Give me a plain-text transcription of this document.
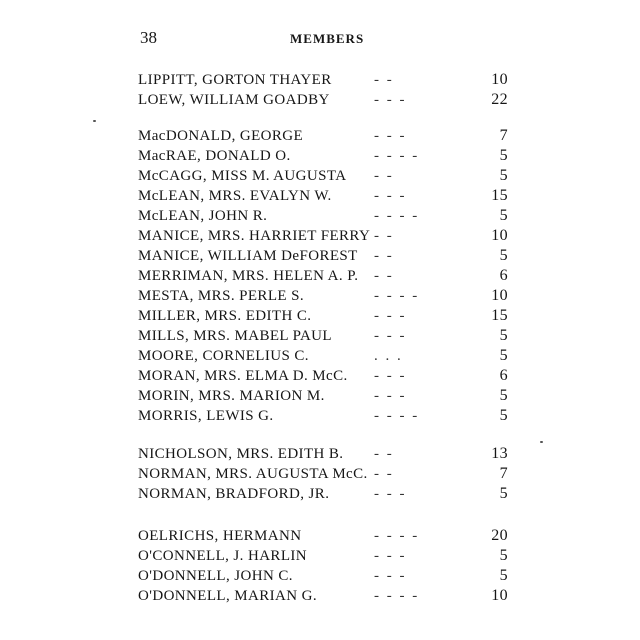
38	MEMBERS
LIPPITT, GORTON THAYER	- -	10
LOEW, WILLIAM GOADBY	- - -	22
MacDONALD, GEORGE	- - -	7
MacRAE, DONALD O.	- - - -	5
McCAGG, MISS M. AUGUSTA - -	5
McLEAN, MRS. EVALYN W.	- - -	15
McLEAN, JOHN R.	- - - -	5
MANICE, MRS. HARRIET FERRY - -	10
MANICE, WILLIAM DeFOREST - -	5
MERRIMAN, MRS. HELEN A. P. - -	6
MESTA, MRS. PERLE S.	- - - -	10
MILLER, MRS. EDITH C.	- - -	15
MILLS, MRS. MABEL PAUL	- - -	5
MOORE, CORNELIUS C.	. . .	5
MORAN, MRS. ELMA D. McC. - - -	6
MORIN, MRS. MARION M.	- - -	5
MORRIS, LEWIS G.	- - - -	5
NICHOLSON, MRS. EDITH B. - -	13
NORMAN, MRS. AUGUSTA McC. - -	7
NORMAN, BRADFORD, JR.	- - -	5
OELRICHS, HERMANN	- - - -	20
O'CONNELL, J. HARLIN	- - -	5
O'DONNELL, JOHN C.	- - -	5
O'DONNELL, MARIAN G.	- - - -	10
